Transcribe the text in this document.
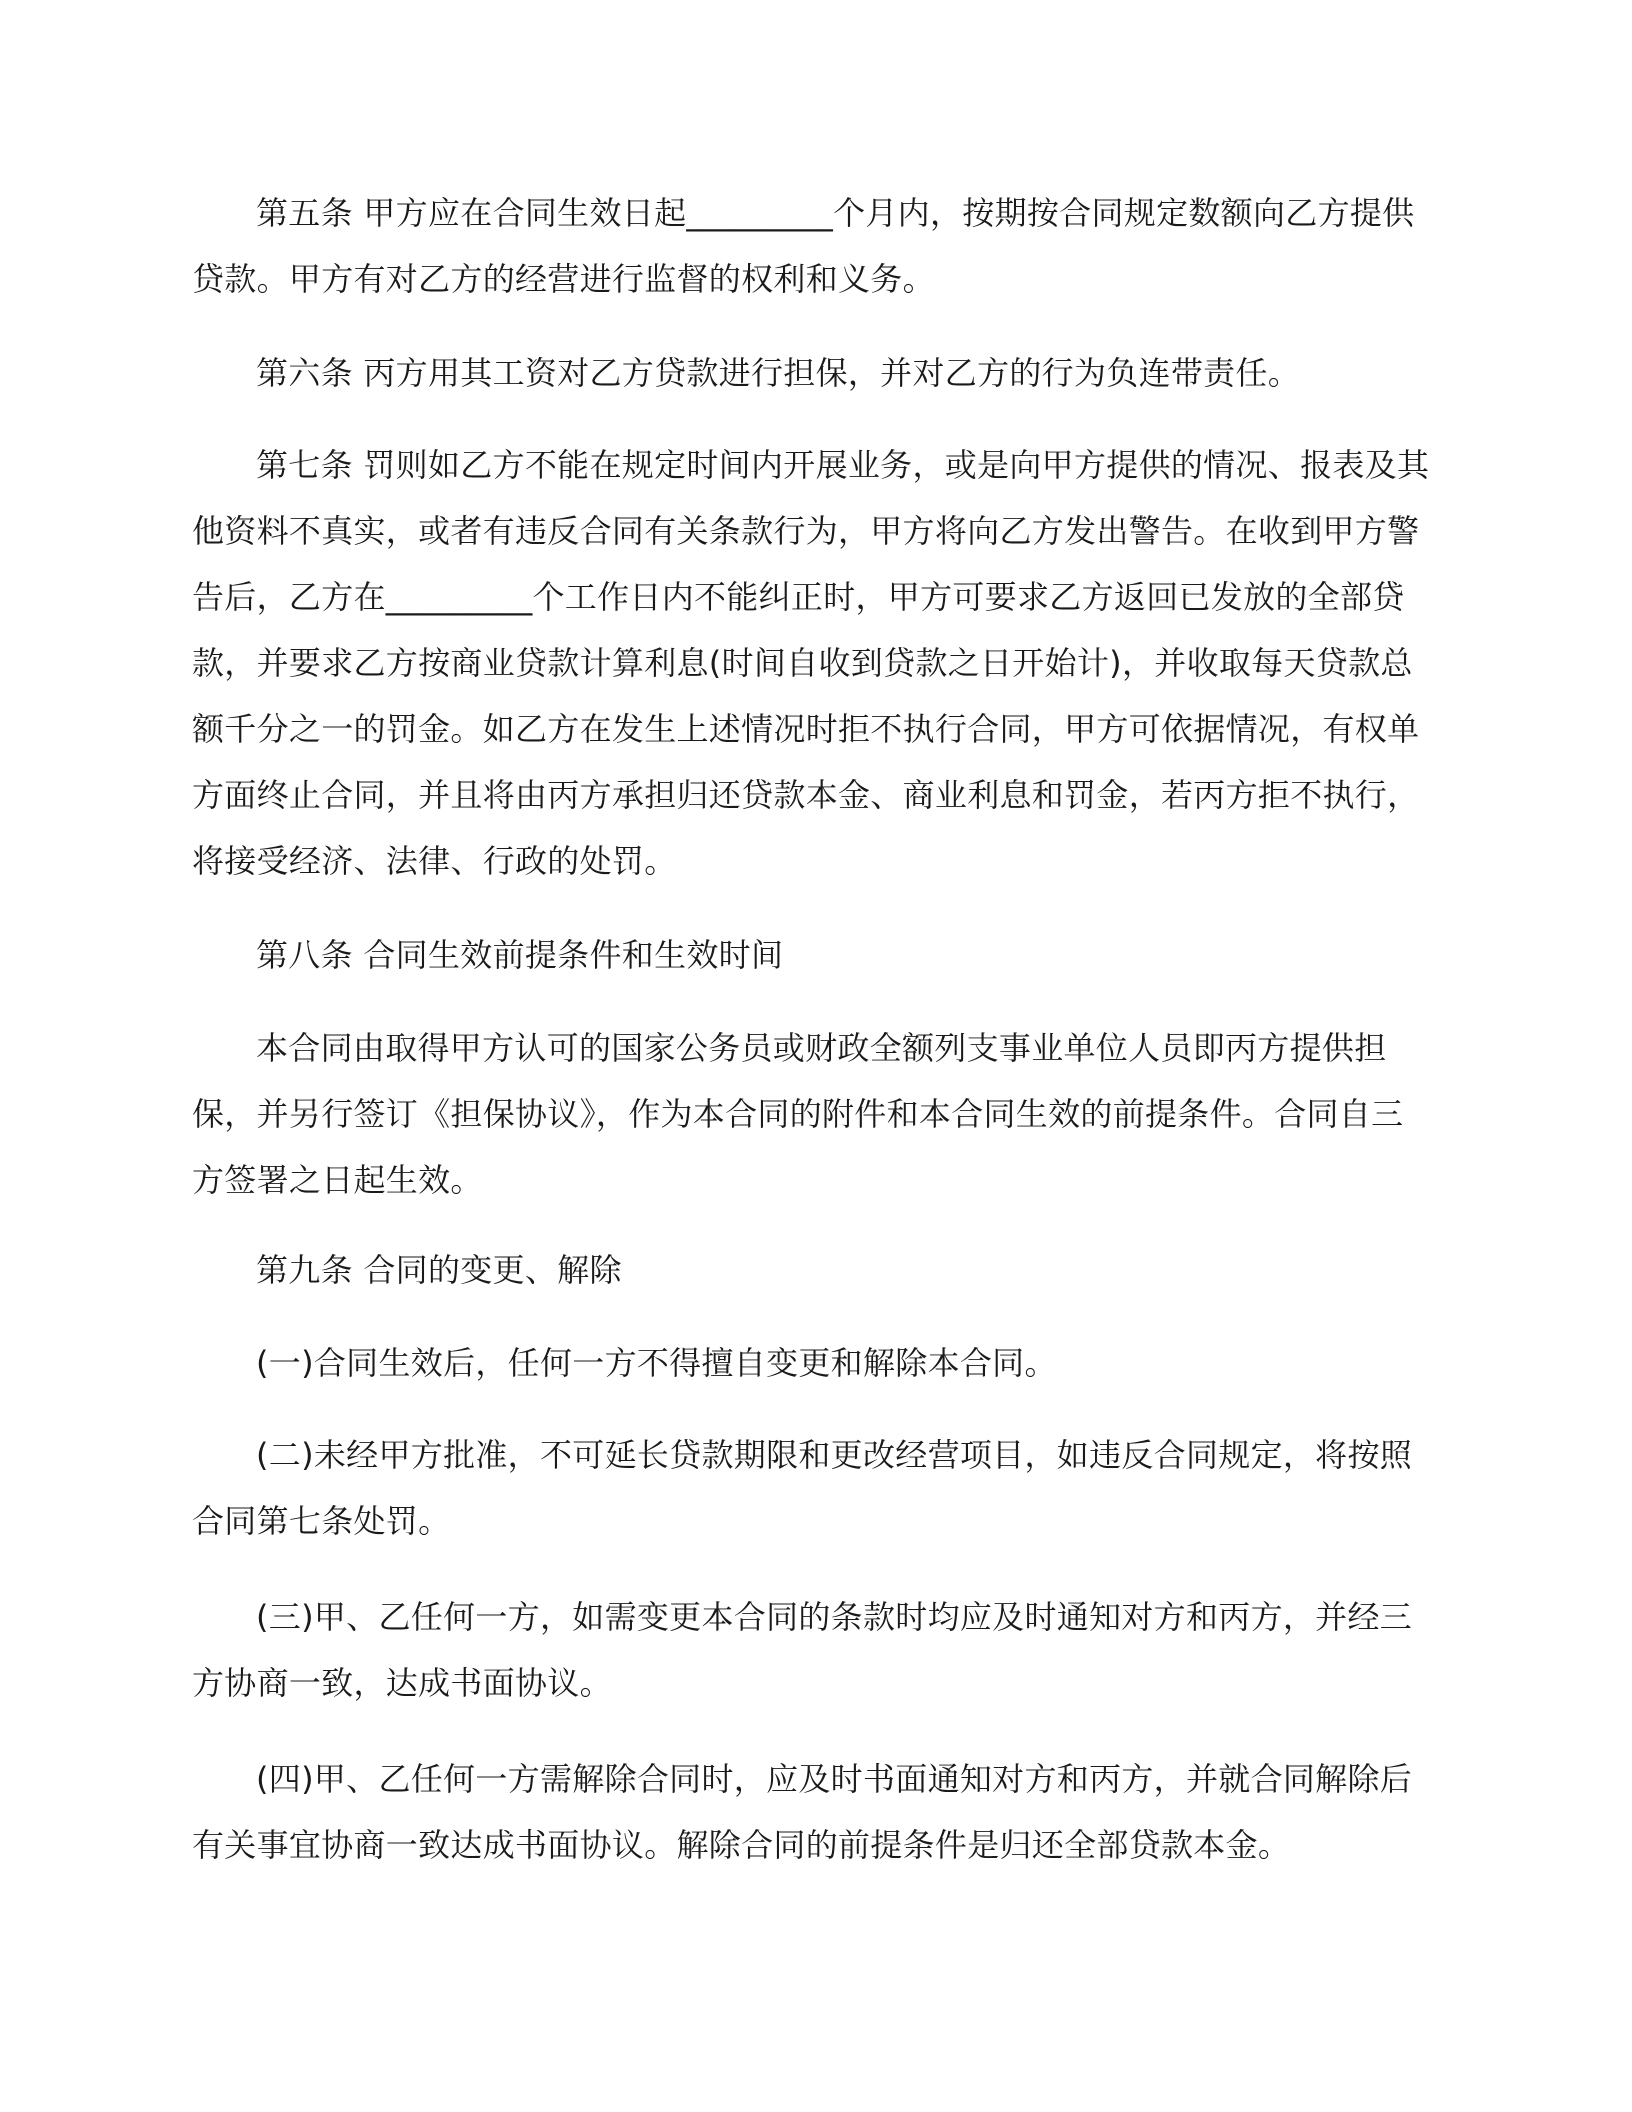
第五条 甲方应在合同生效日起_________个月内，按期按合同规定数额向乙方提供贷款。甲方有对乙方的经营进行监督的权利和义务。

第六条 丙方用其工资对乙方贷款进行担保，并对乙方的行为负连带责任。

第七条 罚则如乙方不能在规定时间内开展业务，或是向甲方提供的情况、报表及其他资料不真实，或者有违反合同有关条款行为，甲方将向乙方发出警告。在收到甲方警告后，乙方在_________个工作日内不能纠正时，甲方可要求乙方返回已发放的全部贷款，并要求乙方按商业贷款计算利息(时间自收到贷款之日开始计)，并收取每天贷款总额千分之一的罚金。如乙方在发生上述情况时拒不执行合同，甲方可依据情况，有权单方面终止合同，并且将由丙方承担归还贷款本金、商业利息和罚金，若丙方拒不执行，将接受经济、法律、行政的处罚。

第八条 合同生效前提条件和生效时间

本合同由取得甲方认可的国家公务员或财政全额列支事业单位人员即丙方提供担保，并另行签订《担保协议》，作为本合同的附件和本合同生效的前提条件。合同自三方签署之日起生效。

第九条 合同的变更、解除

(一)合同生效后，任何一方不得擅自变更和解除本合同。

(二)未经甲方批准，不可延长贷款期限和更改经营项目，如违反合同规定，将按照合同第七条处罚。

(三)甲、乙任何一方，如需变更本合同的条款时均应及时通知对方和丙方，并经三方协商一致，达成书面协议。

(四)甲、乙任何一方需解除合同时，应及时书面通知对方和丙方，并就合同解除后有关事宜协商一致达成书面协议。解除合同的前提条件是归还全部贷款本金。
